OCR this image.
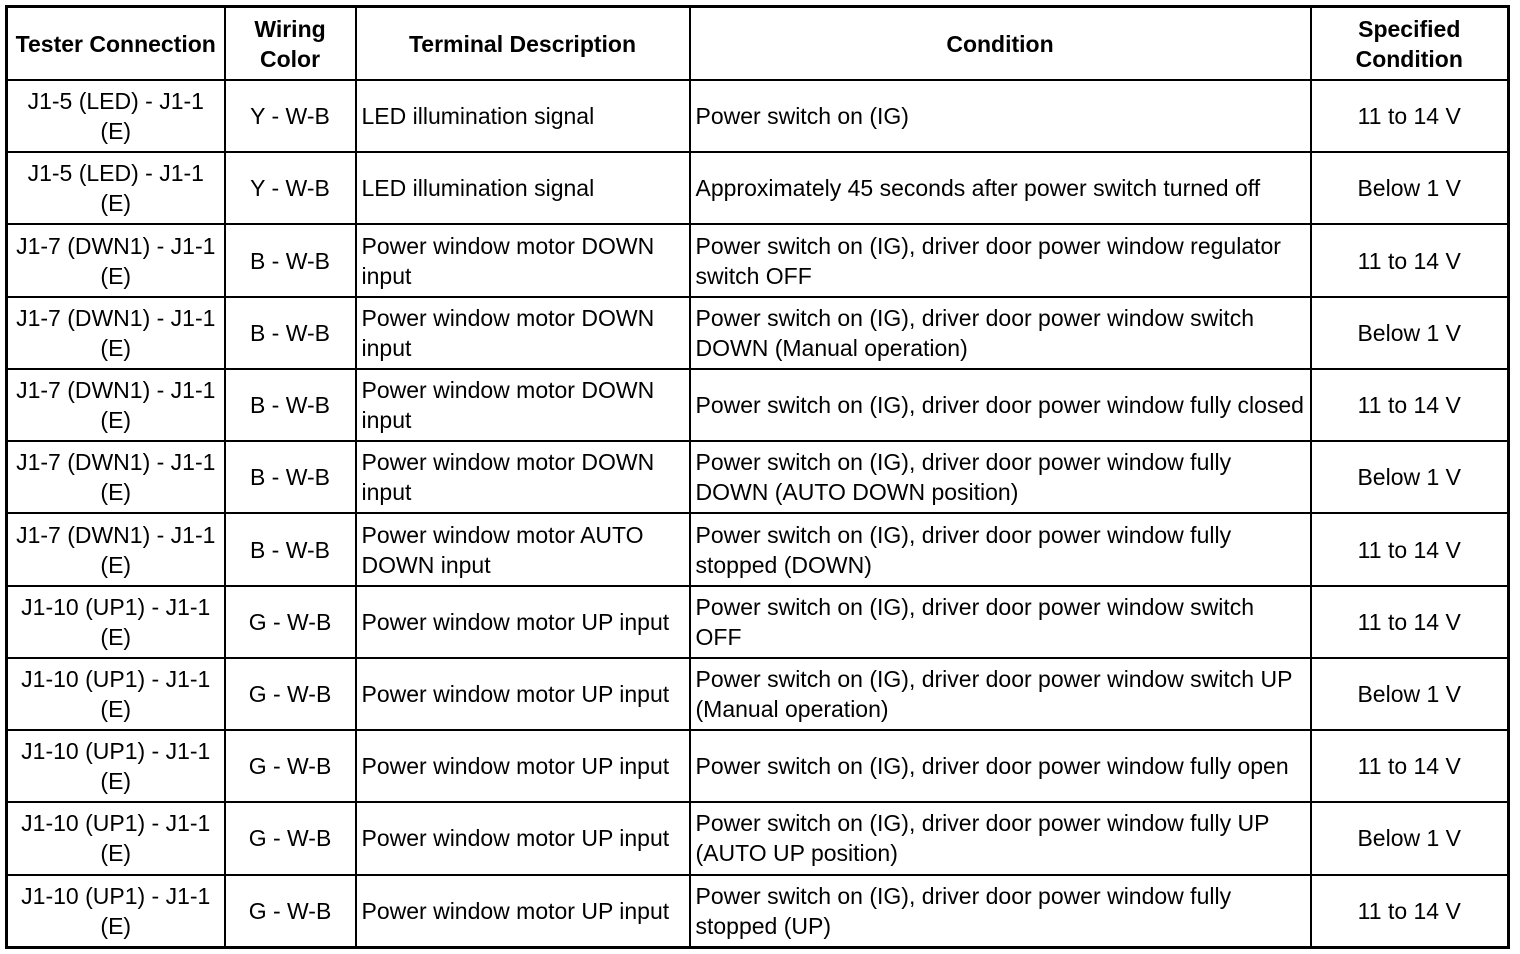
Tester Connection	Wiring Color	Terminal Description	Condition	Specified Condition
J1-5 (LED) - J1-1 (E)	Y - W-B	LED illumination signal	Power switch on (IG)	11 to 14 V
J1-5 (LED) - J1-1 (E)	Y - W-B	LED illumination signal	Approximately 45 seconds after power switch turned off	Below 1 V
J1-7 (DWN1) - J1-1 (E)	B - W-B	Power window motor DOWN input	Power switch on (IG), driver door power window regulator switch OFF	11 to 14 V
J1-7 (DWN1) - J1-1 (E)	B - W-B	Power window motor DOWN input	Power switch on (IG), driver door power window switch DOWN (Manual operation)	Below 1 V
J1-7 (DWN1) - J1-1 (E)	B - W-B	Power window motor DOWN input	Power switch on (IG), driver door power window fully closed	11 to 14 V
J1-7 (DWN1) - J1-1 (E)	B - W-B	Power window motor DOWN input	Power switch on (IG), driver door power window fully DOWN (AUTO DOWN position)	Below 1 V
J1-7 (DWN1) - J1-1 (E)	B - W-B	Power window motor AUTO DOWN input	Power switch on (IG), driver door power window fully stopped (DOWN)	11 to 14 V
J1-10 (UP1) - J1-1 (E)	G - W-B	Power window motor UP input	Power switch on (IG), driver door power window switch OFF	11 to 14 V
J1-10 (UP1) - J1-1 (E)	G - W-B	Power window motor UP input	Power switch on (IG), driver door power window switch UP (Manual operation)	Below 1 V
J1-10 (UP1) - J1-1 (E)	G - W-B	Power window motor UP input	Power switch on (IG), driver door power window fully open	11 to 14 V
J1-10 (UP1) - J1-1 (E)	G - W-B	Power window motor UP input	Power switch on (IG), driver door power window fully UP (AUTO UP position)	Below 1 V
J1-10 (UP1) - J1-1 (E)	G - W-B	Power window motor UP input	Power switch on (IG), driver door power window fully stopped (UP)	11 to 14 V
